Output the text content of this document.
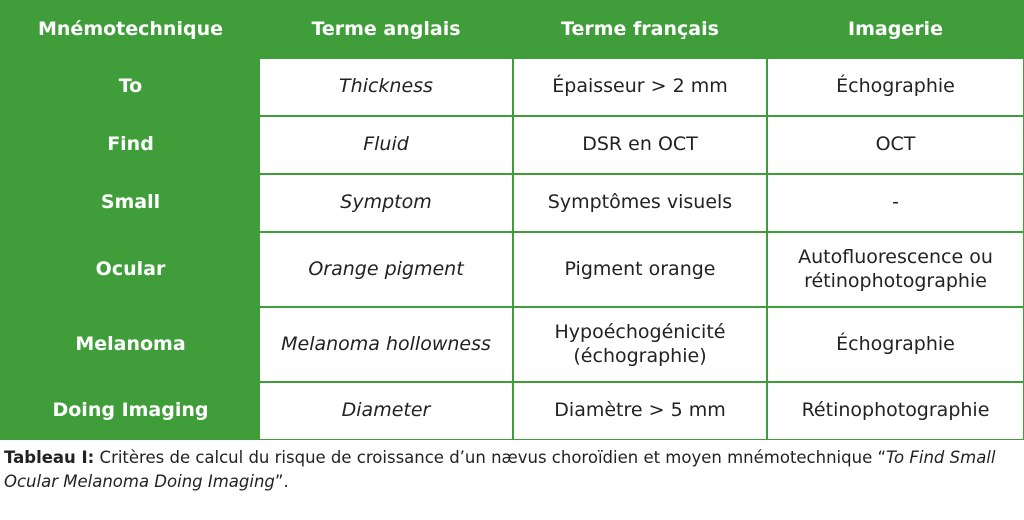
Mnémotechnique	Terme anglais	Terme français	Imagerie
To	Thickness	Épaisseur > 2 mm	Échographie
Find	Fluid	DSR en OCT	OCT
Small	Symptom	Symptômes visuels	-
Ocular	Orange pigment	Pigment orange	Autofluorescence ou rétinophotographie
Melanoma	Melanoma hollowness	Hypoéchogénicité (échographie)	Échographie
Doing Imaging	Diameter	Diamètre > 5 mm	Rétinophotographie

Tableau I: Critères de calcul du risque de croissance d’un nævus choroïdien et moyen mnémotechnique “To Find Small Ocular Melanoma Doing Imaging”.
